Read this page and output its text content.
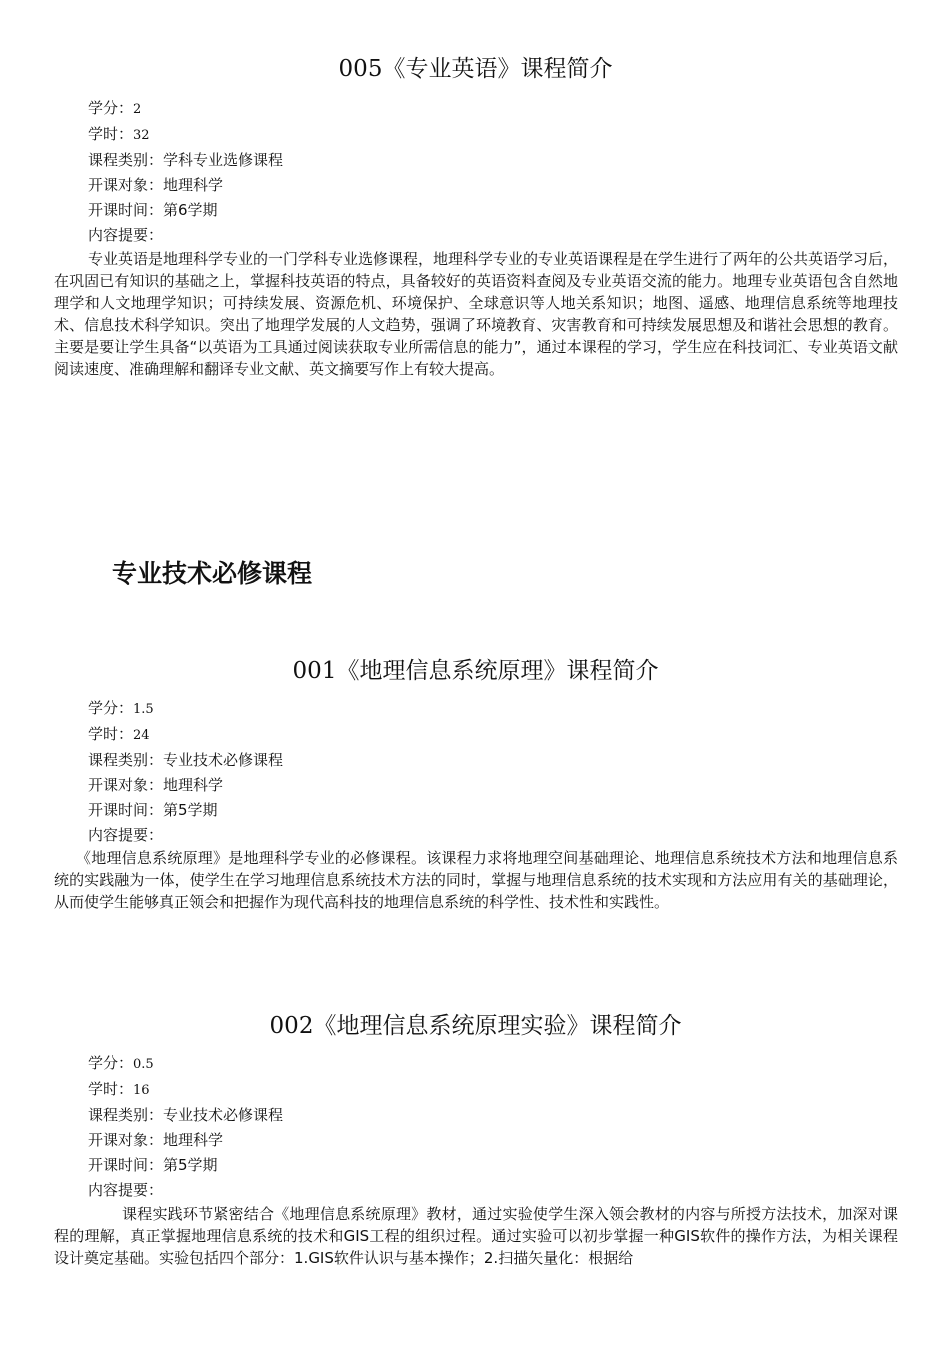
005《专业英语》课程简介
学分：2
学时：32
课程类别：学科专业选修课程
开课对象：地理科学
开课时间：第6学期
内容提要：

专业英语是地理科学专业的一门学科专业选修课程，地理科学专业的专业英语课程是在学生进行了两年的公共英语学习后，在巩固已有知识的基础之上，掌握科技英语的特点，具备较好的英语资料查阅及专业英语交流的能力。地理专业英语包含自然地理学和人文地理学知识；可持续发展、资源危机、环境保护、全球意识等人地关系知识；地图、遥感、地理信息系统等地理技术、信息技术科学知识。突出了地理学发展的人文趋势，强调了环境教育、灾害教育和可持续发展思想及和谐社会思想的教育。主要是要让学生具备“以英语为工具通过阅读获取专业所需信息的能力”，通过本课程的学习，学生应在科技词汇、专业英语文献阅读速度、准确理解和翻译专业文献、英文摘要写作上有较大提高。

专业技术必修课程
001《地理信息系统原理》课程简介
学分：1.5
学时：24
课程类别：专业技术必修课程
开课对象：地理科学
开课时间：第5学期
内容提要：

《地理信息系统原理》是地理科学专业的必修课程。该课程力求将地理空间基础理论、地理信息系统技术方法和地理信息系统的实践融为一体，使学生在学习地理信息系统技术方法的同时，掌握与地理信息系统的技术实现和方法应用有关的基础理论，从而使学生能够真正领会和把握作为现代高科技的地理信息系统的科学性、技术性和实践性。

002《地理信息系统原理实验》课程简介
学分：0.5
学时：16
课程类别：专业技术必修课程
开课对象：地理科学
开课时间：第5学期
内容提要：

课程实践环节紧密结合《地理信息系统原理》教材，通过实验使学生深入领会教材的内容与所授方法技术，加深对课程的理解，真正掌握地理信息系统的技术和GIS工程的组织过程。通过实验可以初步掌握一种GIS软件的操作方法，为相关课程设计奠定基础。实验包括四个部分：1.GIS软件认识与基本操作；2.扫描矢量化：根据给
